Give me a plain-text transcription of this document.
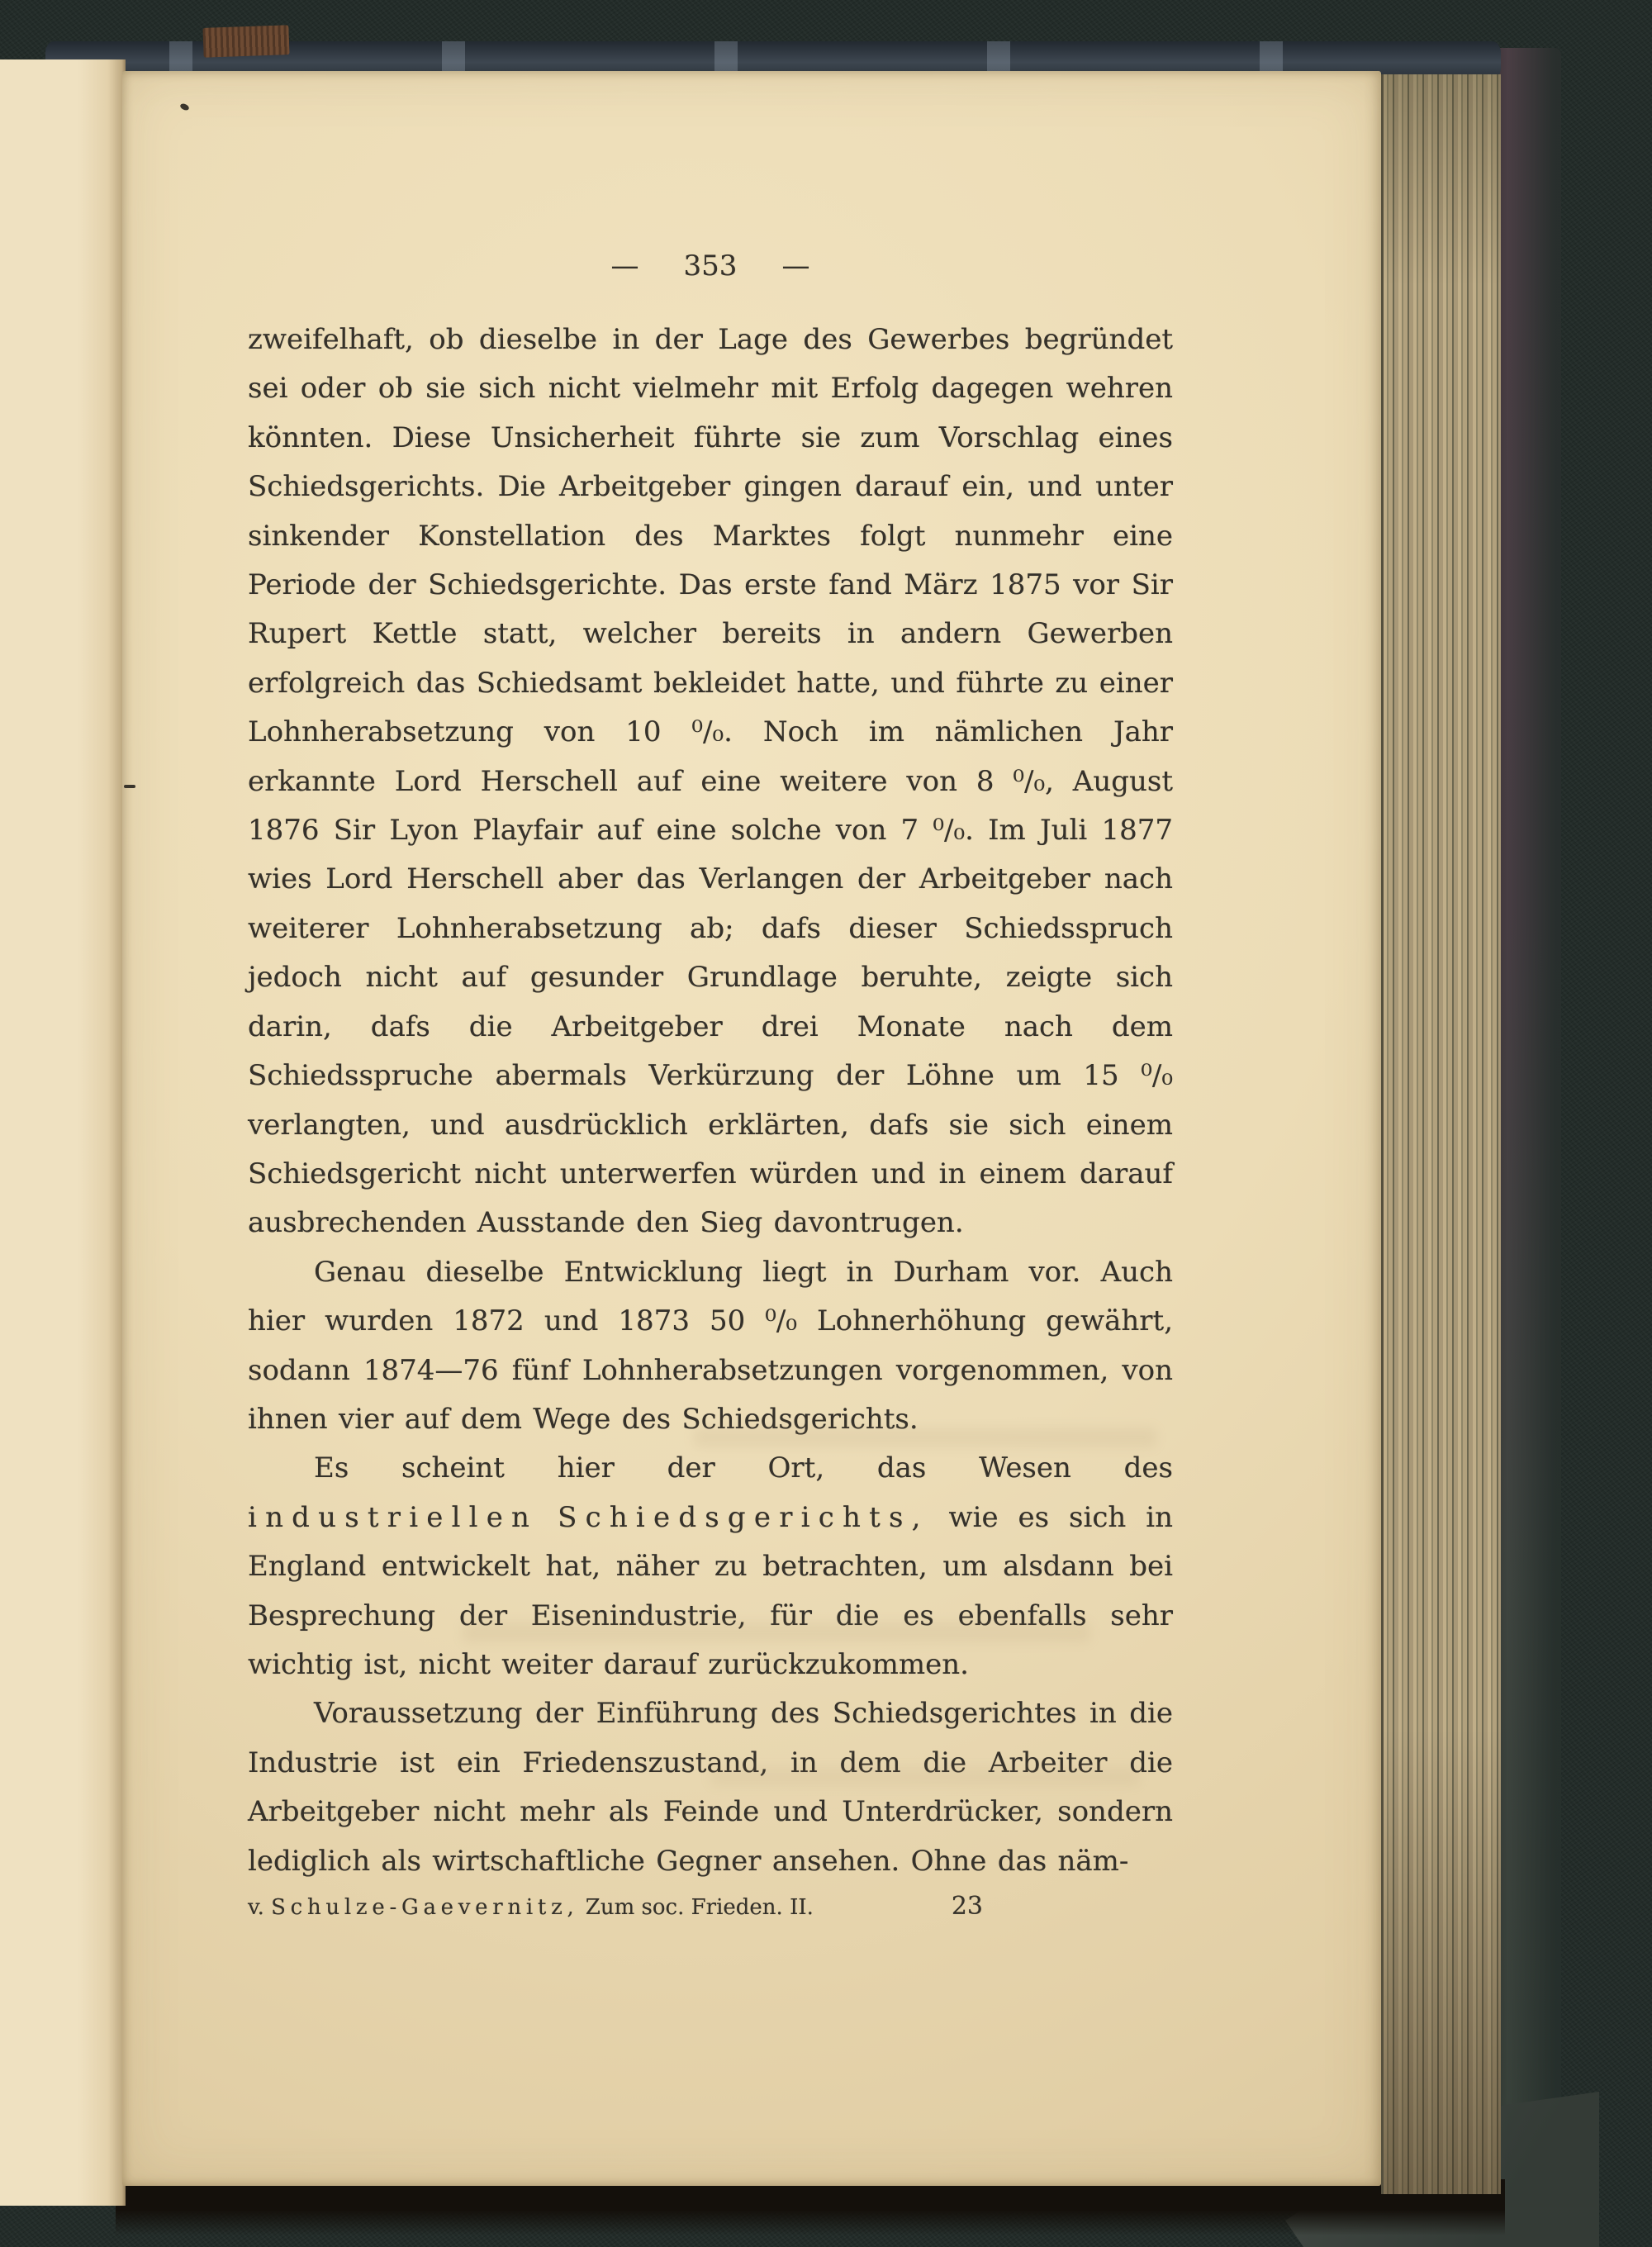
— 353 —

zweifelhaft, ob dieselbe in der Lage des Gewerbes begründet sei oder ob sie sich nicht vielmehr mit Erfolg dagegen wehren könnten. Diese Unsicherheit führte sie zum Vorschlag eines Schiedsgerichts. Die Arbeitgeber gingen darauf ein, und unter sinkender Konstellation des Marktes folgt nunmehr eine Periode der Schiedsgerichte. Das erste fand März 1875 vor Sir Rupert Kettle statt, welcher bereits in andern Gewerben erfolgreich das Schiedsamt bekleidet hatte, und führte zu einer Lohnherabsetzung von 10 ⁰/₀. Noch im nämlichen Jahr erkannte Lord Herschell auf eine weitere von 8 ⁰/₀, August 1876 Sir Lyon Playfair auf eine solche von 7 ⁰/₀. Im Juli 1877 wies Lord Herschell aber das Verlangen der Arbeitgeber nach weiterer Lohnherabsetzung ab; dafs dieser Schiedsspruch jedoch nicht auf gesunder Grundlage beruhte, zeigte sich darin, dafs die Arbeitgeber drei Monate nach dem Schiedsspruche abermals Verkürzung der Löhne um 15 ⁰/₀ verlangten, und ausdrücklich erklärten, dafs sie sich einem Schiedsgericht nicht unterwerfen würden und in einem darauf ausbrechenden Ausstande den Sieg davontrugen.

Genau dieselbe Entwicklung liegt in Durham vor. Auch hier wurden 1872 und 1873 50 ⁰/₀ Lohnerhöhung gewährt, sodann 1874—76 fünf Lohnherabsetzungen vorgenommen, von ihnen vier auf dem Wege des Schiedsgerichts.

Es scheint hier der Ort, das Wesen des industriellen Schiedsgerichts, wie es sich in England entwickelt hat, näher zu betrachten, um alsdann bei Besprechung der Eisenindustrie, für die es ebenfalls sehr wichtig ist, nicht weiter darauf zurückzukommen.

Voraussetzung der Einführung des Schiedsgerichtes in die Industrie ist ein Friedenszustand, in dem die Arbeiter die Arbeitgeber nicht mehr als Feinde und Unterdrücker, sondern lediglich als wirtschaftliche Gegner ansehen. Ohne das näm-

v. Schulze-Gaevernitz, Zum soc. Frieden. II.	23
